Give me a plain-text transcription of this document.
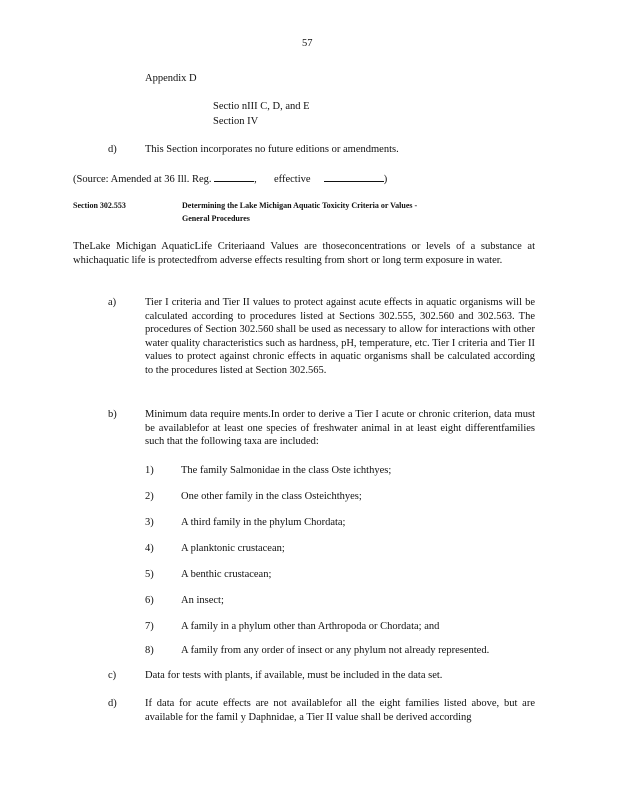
57
Appendix D
Sectio nIII C, D, and E
Section IV
d)	This Section incorporates no future editions or amendments.
(Source: Amended at 36 Ill. Reg.	, effective	)
Section 302.553	Determining the Lake Michigan Aquatic Toxicity Criteria or Values -
General Procedures
TheLake Michigan AquaticLife Criteriaand Values are thoseconcentrations or levels of a substance at whichaquatic life is protectedfrom adverse effects resulting from short or long term exposure in water.
a)	Tier I criteria and Tier II values to protect against acute effects in aquatic organisms will be calculated according to procedures listed at Sections 302.555, 302.560 and 302.563. The procedures of Section 302.560 shall be used as necessary to allow for interactions with other water quality characteristics such as hardness, pH, temperature, etc. Tier I criteria and Tier II values to protect against chronic effects in aquatic organisms shall be calculated according to the procedures listed at Section 302.565.
b)	Minimum data require ments.In order to derive a Tier I acute or chronic criterion, data must be availablefor at least one species of freshwater animal in at least eight differentfamilies such that the following taxa are included:
1)	The family Salmonidae in the class Oste ichthyes;
2)	One other family in the class Osteichthyes;
3)	A third family in the phylum Chordata;
4)	A planktonic crustacean;
5)	A benthic crustacean;
6)	An insect;
7)	A family in a phylum other than Arthropoda or Chordata; and
8)	A family from any order of insect or any phylum not already represented.
c)	Data for tests with plants, if available, must be included in the data set.
d)	If data for acute effects are not availablefor all the eight families listed above, but are available for the famil y Daphnidae, a Tier II value shall be derived according
